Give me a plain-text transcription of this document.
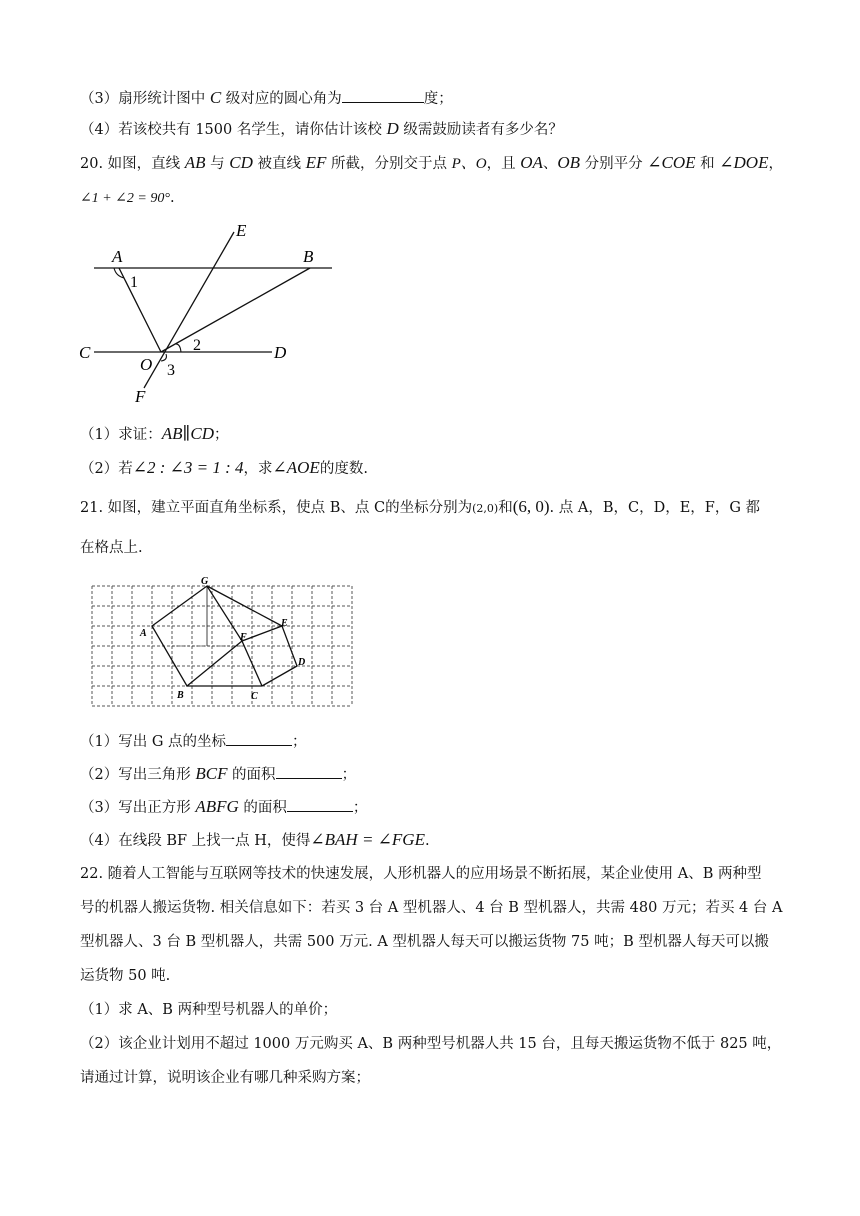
（3）扇形统计图中 C 级对应的圆心角为	度；
（4）若该校共有 1500 名学生，请你估计该校 D 级需鼓励读者有多少名？
20. 如图，直线 AB 与 CD 被直线 EF 所截，分别交于点 P、O，且 OA、OB 分别平分 ∠COE 和 ∠DOE，
∠1 + ∠2 = 90°.
A	B
C	D
E
F
O
1
2
3
（1）求证：AB∥CD；
（2）若∠2 : ∠3 = 1 : 4，求∠AOE的度数.
21. 如图，建立平面直角坐标系，使点 B、点 C的坐标分别为(2,0)和(6, 0). 点 A，B，C，D，E，F，G 都
在格点上.
A
B	C
D
E
F
G
（1）写出 G 点的坐标	；
（2）写出三角形 BCF 的面积	；
（3）写出正方形 ABFG 的面积	；
（4）在线段 BF 上找一点 H，使得∠BAH = ∠FGE.
22. 随着人工智能与互联网等技术的快速发展，人形机器人的应用场景不断拓展，某企业使用 A、B 两种型
号的机器人搬运货物. 相关信息如下：若买 3 台 A 型机器人、4 台 B 型机器人，共需 480 万元；若买 4 台 A
型机器人、3 台 B 型机器人，共需 500 万元. A 型机器人每天可以搬运货物 75 吨；B 型机器人每天可以搬
运货物 50 吨.
（1）求 A、B 两种型号机器人的单价；
（2）该企业计划用不超过 1000 万元购买 A、B 两种型号机器人共 15 台，且每天搬运货物不低于 825 吨，
请通过计算，说明该企业有哪几种采购方案；
